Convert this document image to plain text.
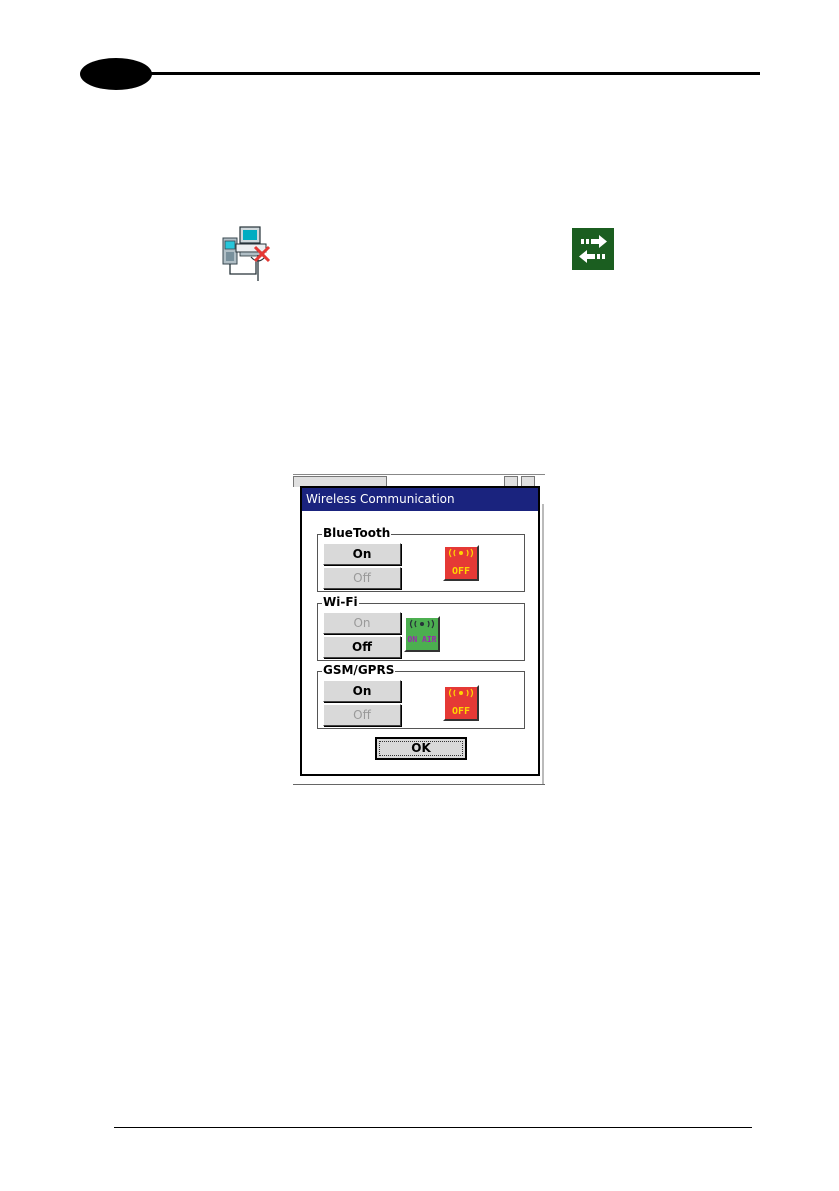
Wireless Communication
BlueTooth
On
Off	OFF
Wi-Fi
On
Off
ON AIR
GSM/GPRS
On
Off	OFF
OK
